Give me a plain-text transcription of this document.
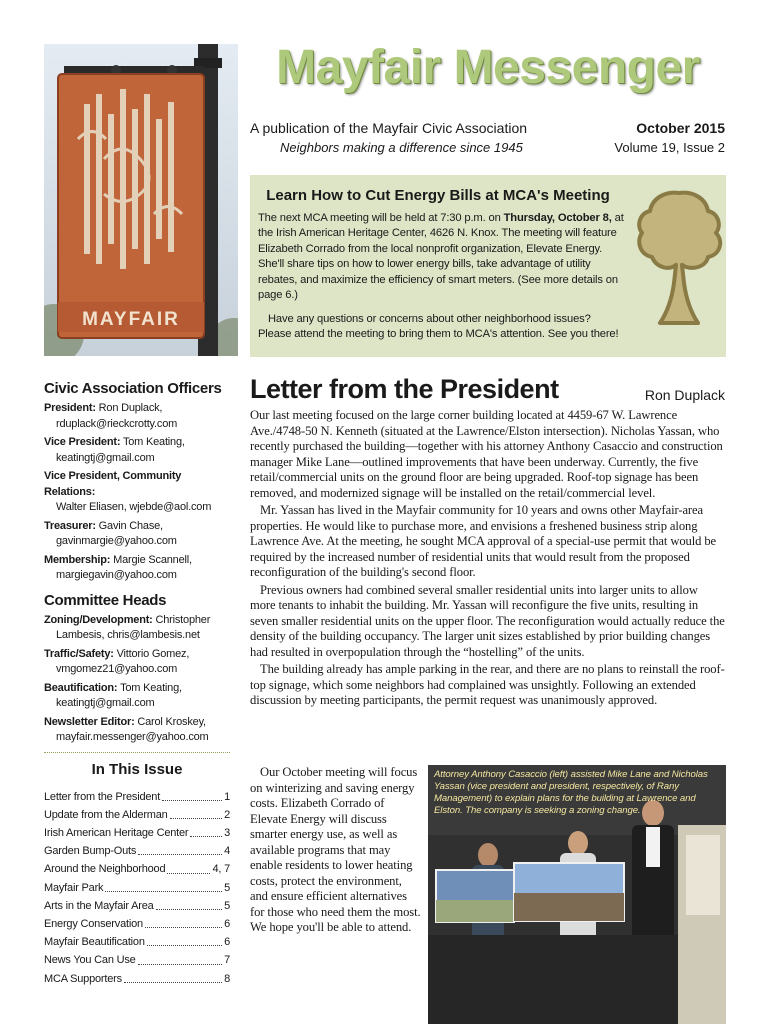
MAYFAIR
Mayfair Messenger
A publication of the Mayfair Civic Association
Neighbors making a difference since 1945
October 2015
Volume 19, Issue 2
Learn How to Cut Energy Bills at MCA's Meeting
The next MCA meeting will be held at 7:30 p.m. on Thursday, October 8, at the Irish American Heritage Center, 4626 N. Knox. The meeting will feature Elizabeth Corrado from the local nonprofit organization, Elevate Energy. She'll share tips on how to lower energy bills, take advantage of utility rebates, and maximize the efficiency of smart meters. (See more details on page 6.)
Have any questions or concerns about other neighborhood issues?
Please attend the meeting to bring them to MCA's attention. See you there!
Civic Association Officers
President: Ron Duplack,
rduplack@rieckcrotty.com
Vice President: Tom Keating,
keatingtj@gmail.com
Vice President, Community Relations:
Walter Eliasen, wjebde@aol.com
Treasurer: Gavin Chase,
gavinmargie@yahoo.com
Membership: Margie Scannell,
margiegavin@yahoo.com
Committee Heads
Zoning/Development: Christopher
Lambesis, chris@lambesis.net
Traffic/Safety: Vittorio Gomez,
vmgomez21@yahoo.com
Beautification: Tom Keating,
keatingtj@gmail.com
Newsletter Editor: Carol Kroskey,
mayfair.messenger@yahoo.com
In This Issue
Letter from the President	1
Update from the Alderman	2
Irish American Heritage Center	3
Garden Bump-Outs	4
Around the Neighborhood	4, 7
Mayfair Park	5
Arts in the Mayfair Area	5
Energy Conservation	6
Mayfair Beautification	6
News You Can Use	7
MCA Supporters	8
Letter from the President	Ron Duplack

Our last meeting focused on the large corner building located at 4459-67 W. Lawrence Ave./4748-50 N. Kenneth (situated at the Lawrence/Elston intersection). Nicholas Yassan, who recently purchased the building—together with his attorney Anthony Casaccio and construction manager Mike Lane—outlined improvements that have been underway. Currently, the five retail/commercial units on the ground floor are being upgraded. Roof-top signage has been removed, and modernized signage will be installed on the retail/commercial level.

Mr. Yassan has lived in the Mayfair community for 10 years and owns other Mayfair-area properties. He would like to purchase more, and envisions a freshened business strip along Lawrence Ave. At the meeting, he sought MCA approval of a special-use permit that would be required by the increased number of residential units that would result from the proposed reconfiguration of the building's second floor.

Previous owners had combined several smaller residential units into larger units to allow more tenants to inhabit the building. Mr. Yassan will reconfigure the five units, resulting in seven smaller residential units on the upper floor. The reconfiguration would actually reduce the density of the building occupancy. The larger unit sizes established by prior building changes had resulted in overpopulation through the “hostelling” of the units.

The building already has ample parking in the rear, and there are no plans to reinstall the roof-top signage, which some neighbors had complained was unsightly. Following an extended discussion by meeting participants, the permit request was unanimously approved.

Our October meeting will focus on winterizing and saving energy costs. Elizabeth Corrado of Elevate Energy will discuss smarter energy use, as well as available programs that may enable residents to lower heating costs, protect the environment, and ensure efficient alternatives for those who need them the most. We hope you'll be able to attend.
Attorney Anthony Casaccio (left) assisted Mike Lane and Nicholas Yassan (vice president and president, respectively, of Rany Management) to explain plans for the building at Lawrence and Elston. The company is seeking a zoning change.
